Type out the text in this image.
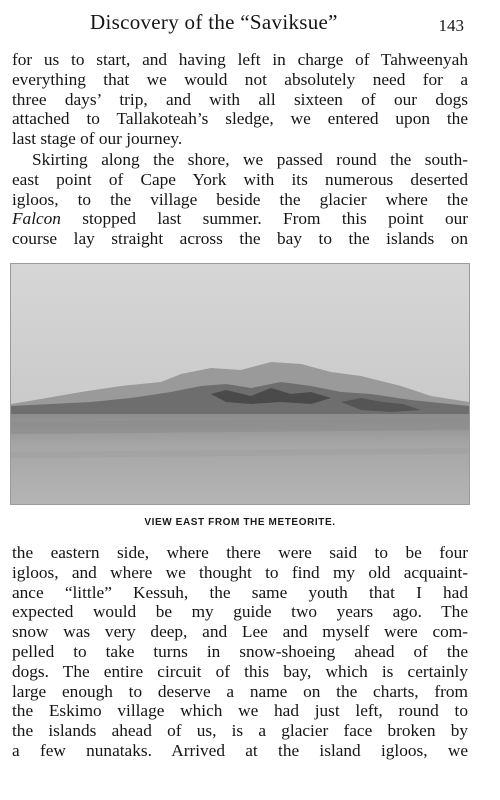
Discovery of the “Saviksue”	143

for us to start, and having left in charge of Tahweenyah
everything that we would not absolutely need for a
three days’ trip, and with all sixteen of our dogs
attached to Tallakoteah’s sledge, we entered upon the
last stage of our journey.

Skirting along the shore, we passed round the south-
east point of Cape York with its numerous deserted
igloos, to the village beside the glacier where the
Falcon stopped last summer. From this point our
course lay straight across the bay to the islands on

VIEW EAST FROM THE METEORITE.

the eastern side, where there were said to be four
igloos, and where we thought to find my old acquaint-
ance “little” Kessuh, the same youth that I had
expected would be my guide two years ago. The
snow was very deep, and Lee and myself were com-
pelled to take turns in snow-shoeing ahead of the
dogs. The entire circuit of this bay, which is certainly
large enough to deserve a name on the charts, from
the Eskimo village which we had just left, round to
the islands ahead of us, is a glacier face broken by
a few nunataks. Arrived at the island igloos, we
